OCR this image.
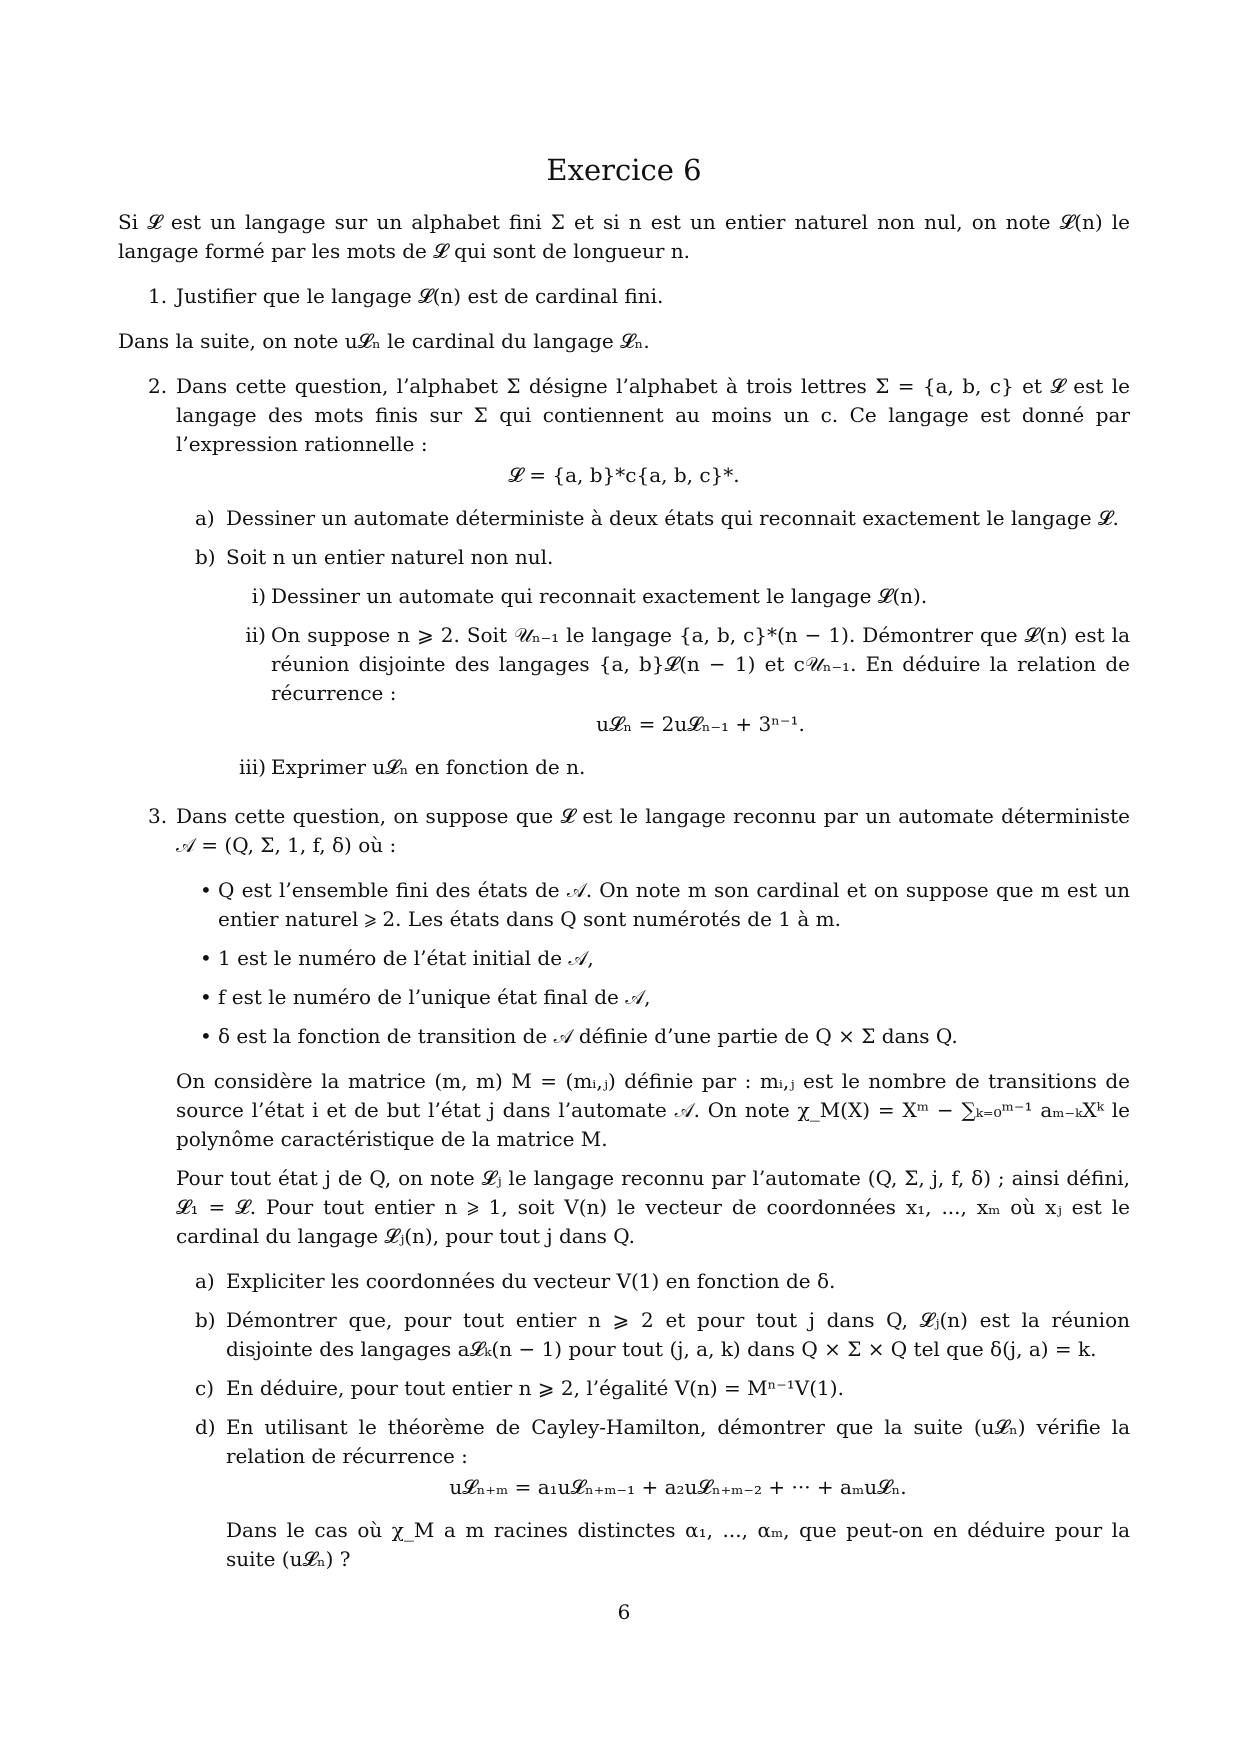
Exercice 6

Si 𝓛 est un langage sur un alphabet fini Σ et si n est un entier naturel non nul, on note 𝓛(n) le langage formé par les mots de 𝓛 qui sont de longueur n.

1. Justifier que le langage 𝓛(n) est de cardinal fini.

Dans la suite, on note u𝓛ₙ le cardinal du langage 𝓛ₙ.

2. Dans cette question, l’alphabet Σ désigne l’alphabet à trois lettres Σ = {a, b, c} et 𝓛 est le langage des mots finis sur Σ qui contiennent au moins un c. Ce langage est donné par l’expression rationnelle :
𝓛 = {a, b}*c{a, b, c}*.
a) Dessiner un automate déterministe à deux états qui reconnait exactement le langage 𝓛.
b) Soit n un entier naturel non nul.
i) Dessiner un automate qui reconnait exactement le langage 𝓛(n).
ii) On suppose n ⩾ 2. Soit 𝒰ₙ₋₁ le langage {a, b, c}*(n − 1). Démontrer que 𝓛(n) est la réunion disjointe des langages {a, b}𝓛(n − 1) et c𝒰ₙ₋₁. En déduire la relation de récurrence :
u𝓛ₙ = 2u𝓛ₙ₋₁ + 3ⁿ⁻¹.
iii) Exprimer u𝓛ₙ en fonction de n.
3. Dans cette question, on suppose que 𝓛 est le langage reconnu par un automate déterministe 𝒜 = (Q, Σ, 1, f, δ) où :
• Q est l’ensemble fini des états de 𝒜. On note m son cardinal et on suppose que m est un entier naturel ⩾ 2. Les états dans Q sont numérotés de 1 à m.
• 1 est le numéro de l’état initial de 𝒜,
• f est le numéro de l’unique état final de 𝒜,
• δ est la fonction de transition de 𝒜 définie d’une partie de Q × Σ dans Q.

On considère la matrice (m, m) M = (mᵢ,ⱼ) définie par : mᵢ,ⱼ est le nombre de transitions de source l’état i et de but l’état j dans l’automate 𝒜. On note χ_M(X) = Xᵐ − ∑ₖ₌₀ᵐ⁻¹ aₘ₋ₖXᵏ le polynôme caractéristique de la matrice M.

Pour tout état j de Q, on note 𝓛ⱼ le langage reconnu par l’automate (Q, Σ, j, f, δ) ; ainsi défini, 𝓛₁ = 𝓛. Pour tout entier n ⩾ 1, soit V(n) le vecteur de coordonnées x₁, ..., xₘ où xⱼ est le cardinal du langage 𝓛ⱼ(n), pour tout j dans Q.

a) Expliciter les coordonnées du vecteur V(1) en fonction de δ.
b) Démontrer que, pour tout entier n ⩾ 2 et pour tout j dans Q, 𝓛ⱼ(n) est la réunion disjointe des langages a𝓛ₖ(n − 1) pour tout (j, a, k) dans Q × Σ × Q tel que δ(j, a) = k.
c) En déduire, pour tout entier n ⩾ 2, l’égalité V(n) = Mⁿ⁻¹V(1).
d) En utilisant le théorème de Cayley-Hamilton, démontrer que la suite (u𝓛ₙ) vérifie la relation de récurrence :
u𝓛ₙ₊ₘ = a₁u𝓛ₙ₊ₘ₋₁ + a₂u𝓛ₙ₊ₘ₋₂ + ··· + aₘu𝓛ₙ.

Dans le cas où χ_M a m racines distinctes α₁, ..., αₘ, que peut-on en déduire pour la suite (u𝓛ₙ) ?

6
